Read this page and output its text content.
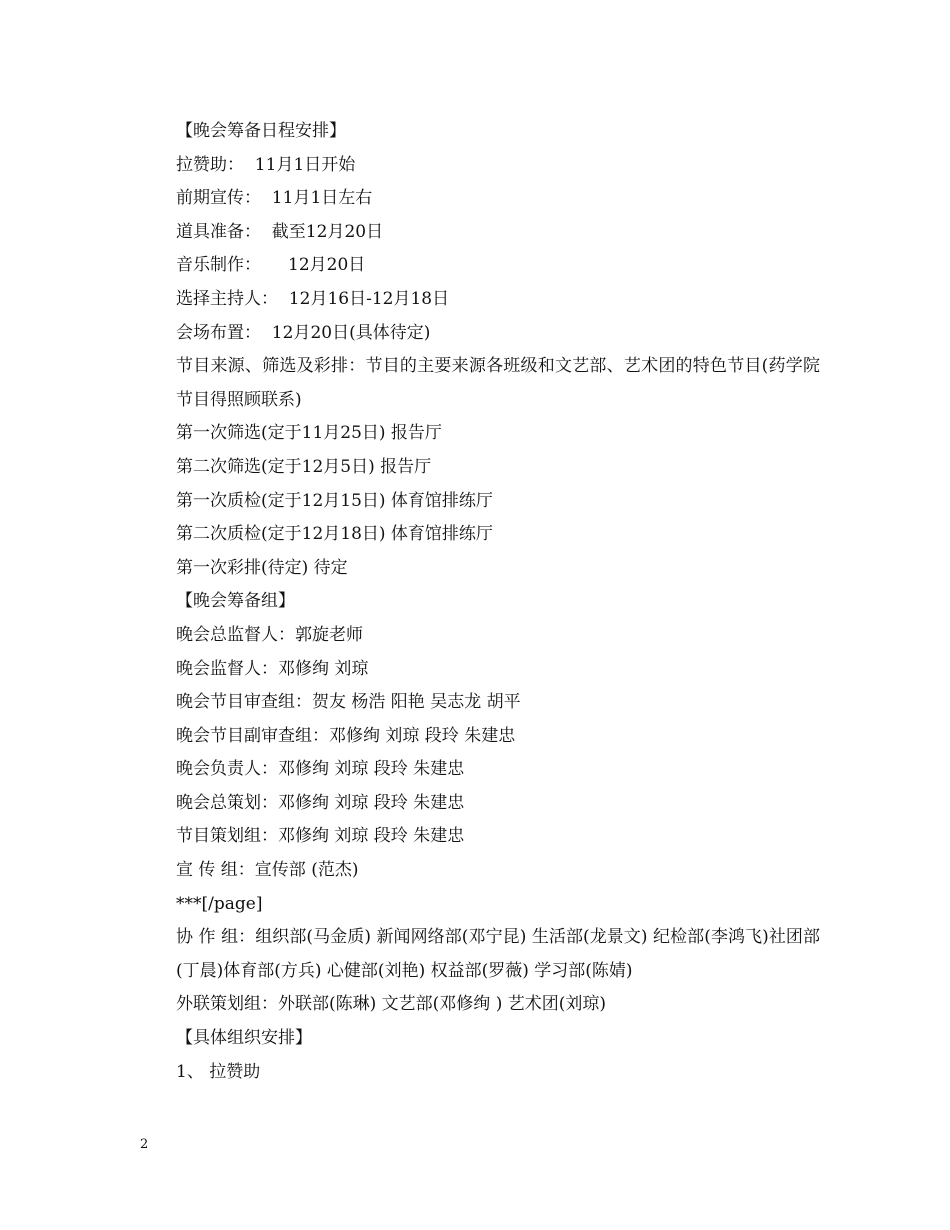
【晚会筹备日程安排】

拉赞助：  11月1日开始

前期宣传：  11月1日左右

道具准备：  截至12月20日

音乐制作：     12月20日

选择主持人：  12月16日-12月18日

会场布置：  12月20日(具体待定)

节目来源、筛选及彩排：节目的主要来源各班级和文艺部、艺术团的特色节目(药学院节目得照顾联系)

第一次筛选(定于11月25日) 报告厅

第二次筛选(定于12月5日) 报告厅

第一次质检(定于12月15日) 体育馆排练厅

第二次质检(定于12月18日) 体育馆排练厅

第一次彩排(待定) 待定

【晚会筹备组】

晚会总监督人：郭旋老师

晚会监督人：邓修绚 刘琼

晚会节目审查组：贺友 杨浩 阳艳 吴志龙 胡平

晚会节目副审查组：邓修绚 刘琼 段玲 朱建忠

晚会负责人：邓修绚 刘琼 段玲 朱建忠

晚会总策划：邓修绚 刘琼 段玲 朱建忠

节目策划组：邓修绚 刘琼 段玲 朱建忠

宣 传 组：宣传部 (范杰)

***[/page]

协 作 组：组织部(马金质) 新闻网络部(邓宁昆) 生活部(龙景文) 纪检部(李鸿飞)社团部(丁晨)体育部(方兵) 心健部(刘艳) 权益部(罗薇) 学习部(陈婧)

外联策划组：外联部(陈琳) 文艺部(邓修绚 ) 艺术团(刘琼)

【具体组织安排】

1、 拉赞助

2
